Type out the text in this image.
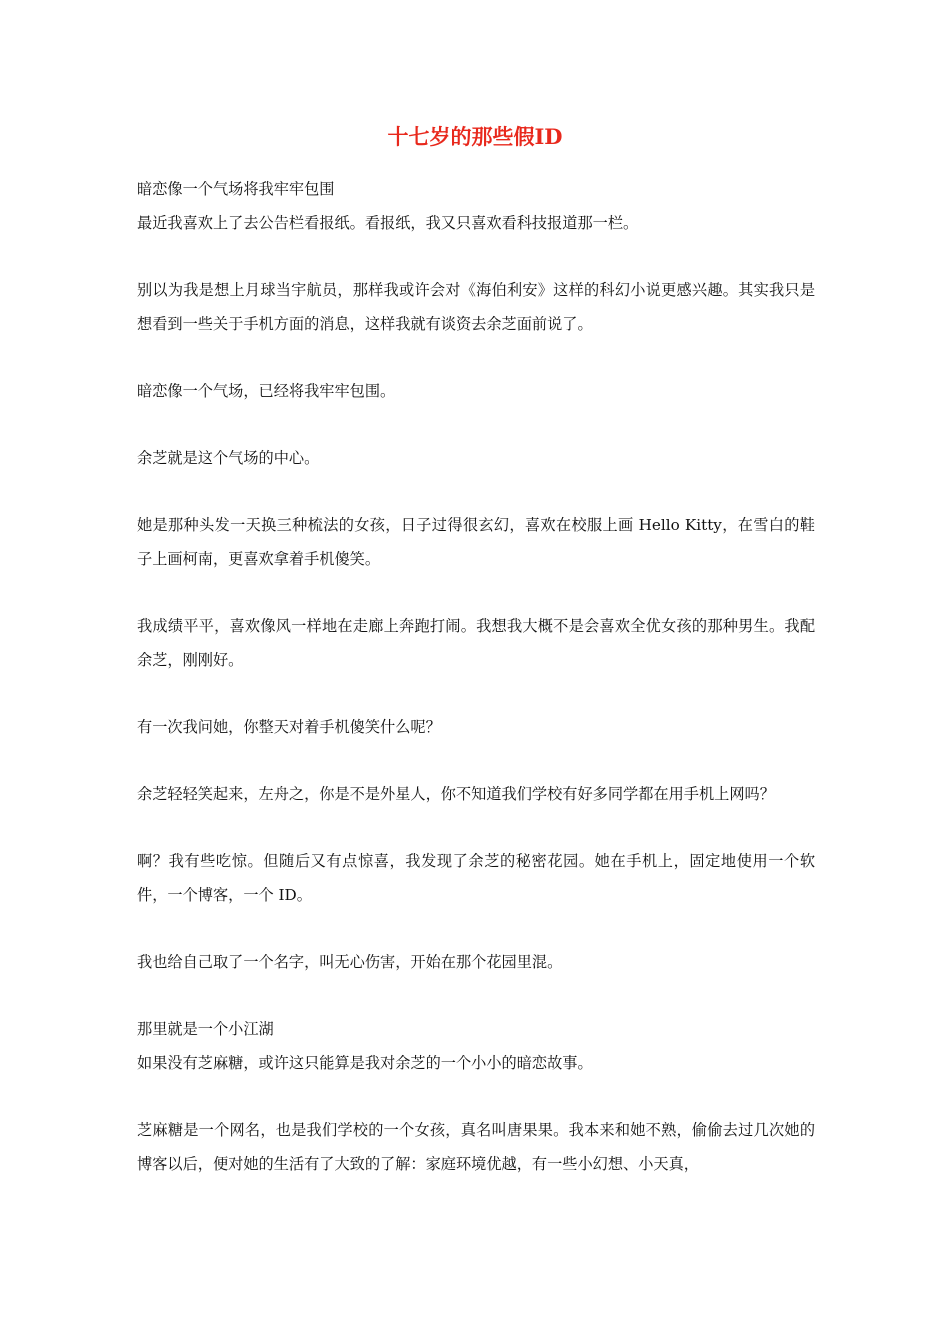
十七岁的那些假ID

暗恋像一个气场将我牢牢包围

最近我喜欢上了去公告栏看报纸。看报纸，我又只喜欢看科技报道那一栏。

别以为我是想上月球当宇航员，那样我或许会对《海伯利安》这样的科幻小说更感兴趣。其实我只是想看到一些关于手机方面的消息，这样我就有谈资去余芝面前说了。

暗恋像一个气场，已经将我牢牢包围。

余芝就是这个气场的中心。

她是那种头发一天换三种梳法的女孩，日子过得很玄幻，喜欢在校服上画 Hello Kitty，在雪白的鞋子上画柯南，更喜欢拿着手机傻笑。

我成绩平平，喜欢像风一样地在走廊上奔跑打闹。我想我大概不是会喜欢全优女孩的那种男生。我配余芝，刚刚好。

有一次我问她，你整天对着手机傻笑什么呢？

余芝轻轻笑起来，左舟之，你是不是外星人，你不知道我们学校有好多同学都在用手机上网吗？

啊？我有些吃惊。但随后又有点惊喜，我发现了余芝的秘密花园。她在手机上，固定地使用一个软件，一个博客，一个 ID。

我也给自己取了一个名字，叫无心伤害，开始在那个花园里混。

那里就是一个小江湖

如果没有芝麻糖，或许这只能算是我对余芝的一个小小的暗恋故事。

芝麻糖是一个网名，也是我们学校的一个女孩，真名叫唐果果。我本来和她不熟，偷偷去过几次她的博客以后，便对她的生活有了大致的了解：家庭环境优越，有一些小幻想、小天真，
